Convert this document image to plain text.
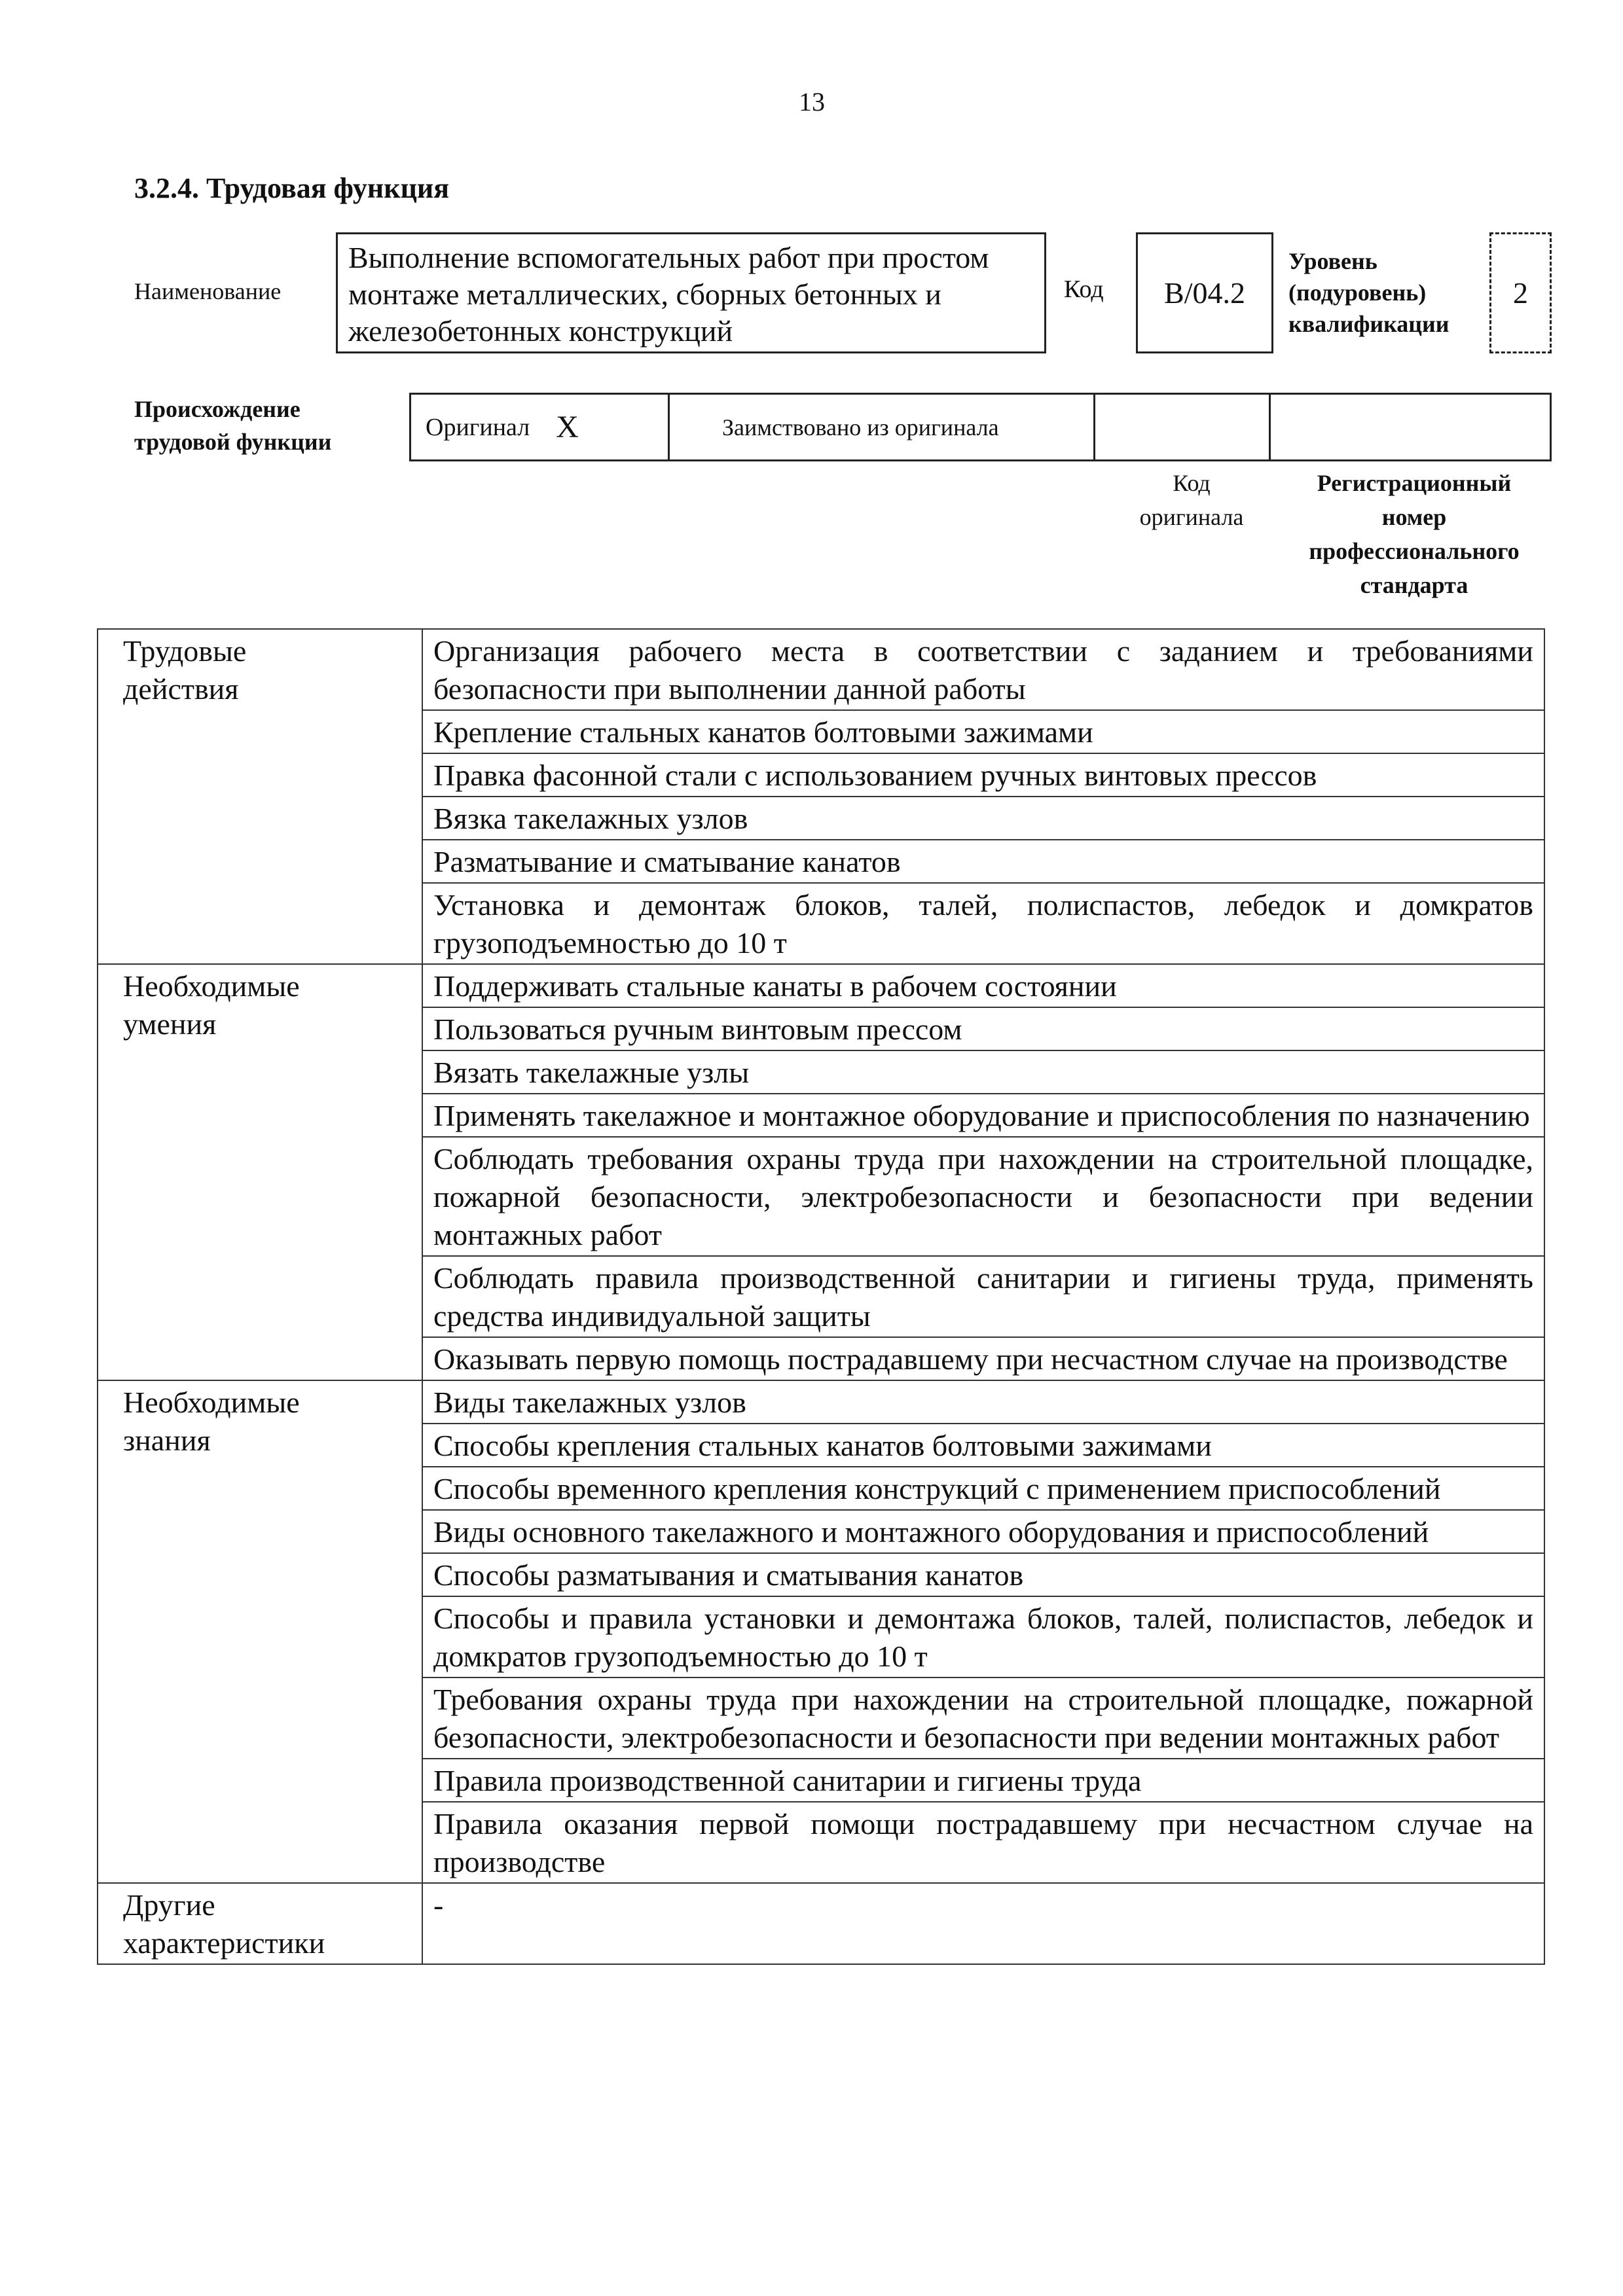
13
3.2.4. Трудовая функция
Наименование
Выполнение вспомогательных работ при простом монтаже металлических, сборных бетонных и железобетонных конструкций
Код	В/04.2
Уровень
(подуровень)
квалификации
2
Происхождение
трудовой функции
Оригинал Х	Заимствовано из оригинала
Код
оригинала
Регистрационный
номер
профессионального
стандарта
Трудовые
действия	Организация рабочего места в соответствии с заданием и требованиями безопасности при выполнении данной работы
	Крепление стальных канатов болтовыми зажимами
	Правка фасонной стали с использованием ручных винтовых прессов
	Вязка такелажных узлов
	Разматывание и сматывание канатов
	Установка и демонтаж блоков, талей, полиспастов, лебедок и домкратов грузоподъемностью до 10 т

Необходимые
умения	Поддерживать стальные канаты в рабочем состоянии
	Пользоваться ручным винтовым прессом
	Вязать такелажные узлы
	Применять такелажное и монтажное оборудование и приспособления по назначению
	Соблюдать требования охраны труда при нахождении на строительной площадке, пожарной безопасности, электробезопасности и безопасности при ведении монтажных работ
	Соблюдать правила производственной санитарии и гигиены труда, применять средства индивидуальной защиты
	Оказывать первую помощь пострадавшему при несчастном случае на производстве

Необходимые
знания	Виды такелажных узлов
	Способы крепления стальных канатов болтовыми зажимами
	Способы временного крепления конструкций с применением приспособлений
	Виды основного такелажного и монтажного оборудования и приспособлений
	Способы разматывания и сматывания канатов
	Способы и правила установки и демонтажа блоков, талей, полиспастов, лебедок и домкратов грузоподъемностью до 10 т
	Требования охраны труда при нахождении на строительной площадке, пожарной безопасности, электробезопасности и безопасности при ведении монтажных работ
	Правила производственной санитарии и гигиены труда
	Правила оказания первой помощи пострадавшему при несчастном случае на производстве

Другие
характеристики	-
